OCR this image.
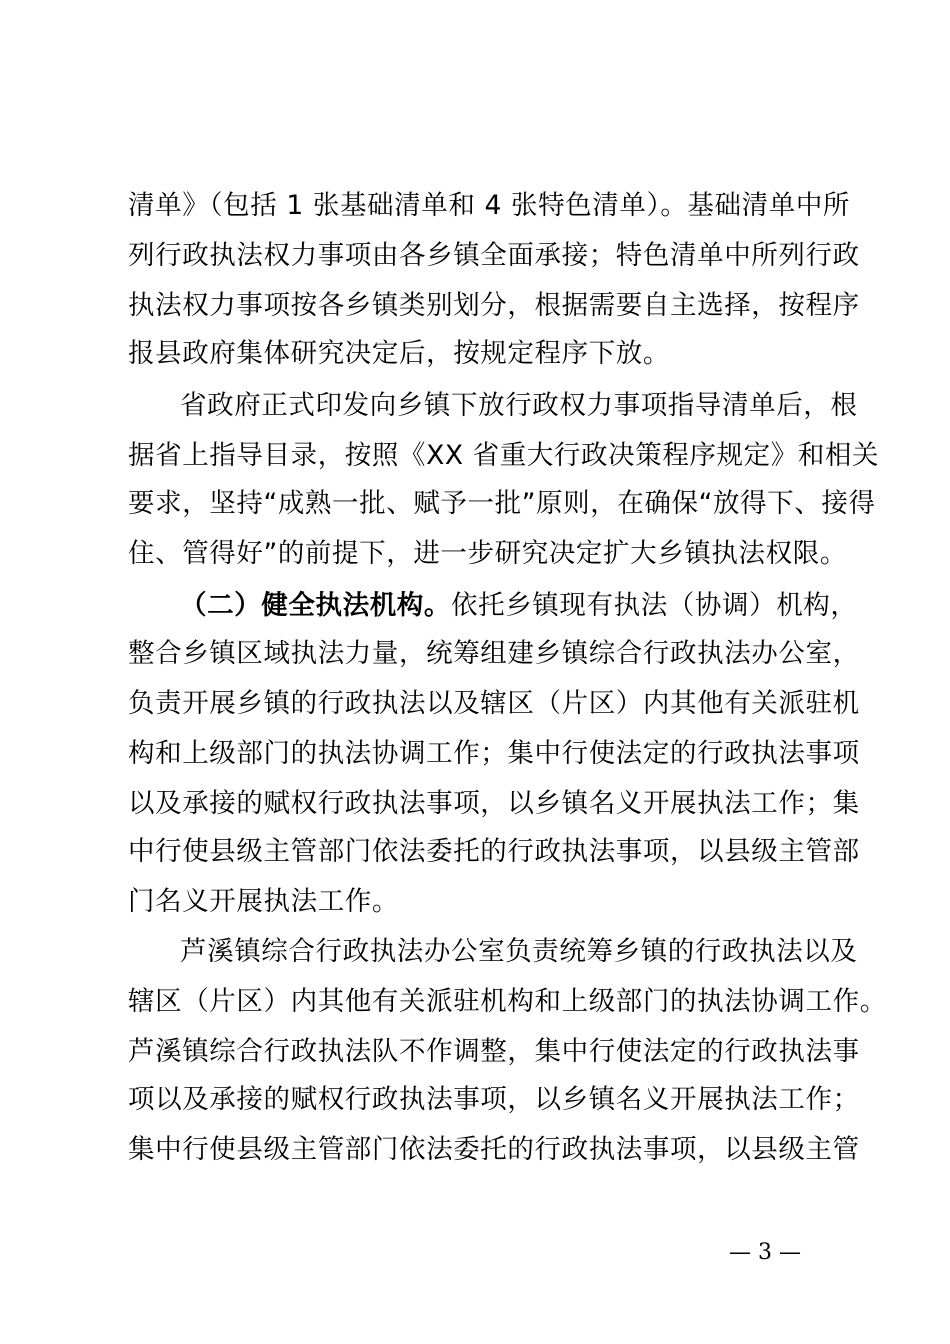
清单》（包括 1 张基础清单和 4 张特色清单）。基础清单中所
列行政执法权力事项由各乡镇全面承接；特色清单中所列行政
执法权力事项按各乡镇类别划分，根据需要自主选择，按程序
报县政府集体研究决定后，按规定程序下放。
省政府正式印发向乡镇下放行政权力事项指导清单后，根
据省上指导目录，按照《XX 省重大行政决策程序规定》和相关
要求，坚持“成熟一批、赋予一批”原则，在确保“放得下、接得
住、管得好”的前提下，进一步研究决定扩大乡镇执法权限。
（二）健全执法机构。依托乡镇现有执法（协调）机构，
整合乡镇区域执法力量，统筹组建乡镇综合行政执法办公室，
负责开展乡镇的行政执法以及辖区（片区）内其他有关派驻机
构和上级部门的执法协调工作；集中行使法定的行政执法事项
以及承接的赋权行政执法事项，以乡镇名义开展执法工作；集
中行使县级主管部门依法委托的行政执法事项，以县级主管部
门名义开展执法工作。
芦溪镇综合行政执法办公室负责统筹乡镇的行政执法以及
辖区（片区）内其他有关派驻机构和上级部门的执法协调工作。
芦溪镇综合行政执法队不作调整，集中行使法定的行政执法事
项以及承接的赋权行政执法事项，以乡镇名义开展执法工作；
集中行使县级主管部门依法委托的行政执法事项，以县级主管
— 3 —
